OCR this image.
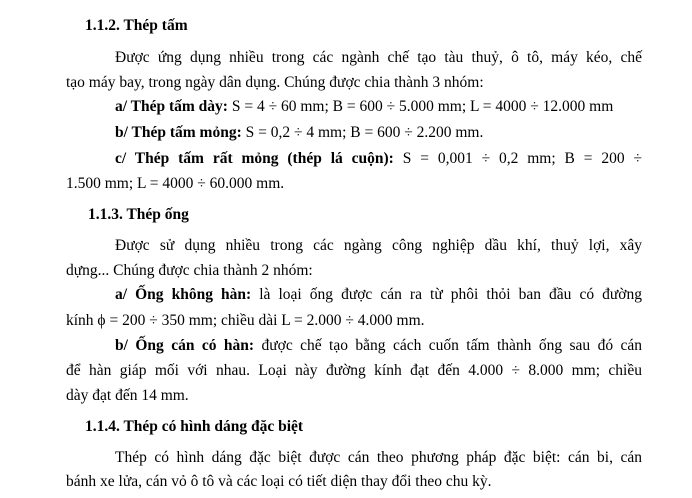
1.1.2. Thép tấm
Được ứng dụng nhiều trong các ngành chế tạo tàu thuỷ, ô tô, máy kéo, chế
tạo máy bay, trong ngày dân dụng. Chúng được chia thành 3 nhóm:
a/ Thép tấm dày: S = 4 ÷ 60 mm; B = 600 ÷ 5.000 mm; L = 4000 ÷ 12.000 mm
b/ Thép tấm mỏng: S = 0,2 ÷ 4 mm; B = 600 ÷ 2.200 mm.
c/ Thép tấm rất mỏng (thép lá cuộn): S = 0,001 ÷ 0,2 mm; B = 200 ÷
1.500 mm; L = 4000 ÷ 60.000 mm.
1.1.3. Thép ống
Được sử dụng nhiều trong các ngàng công nghiệp dầu khí, thuỷ lợi, xây
dựng... Chúng được chia thành 2 nhóm:
a/ Ống không hàn: là loại ống được cán ra từ phôi thỏi ban đầu có đường
kính ϕ = 200 ÷ 350 mm; chiều dài L = 2.000 ÷ 4.000 mm.
b/ Ống cán có hàn: được chế tạo bằng cách cuốn tấm thành ống sau đó cán
để hàn giáp mối với nhau. Loại này đường kính đạt đến 4.000 ÷ 8.000 mm; chiều
dày đạt đến 14 mm.
1.1.4. Thép có hình dáng đặc biệt
Thép có hình dáng đặc biệt được cán theo phương pháp đặc biệt: cán bi, cán
bánh xe lửa, cán vỏ ô tô và các loại có tiết diện thay đổi theo chu kỳ.
